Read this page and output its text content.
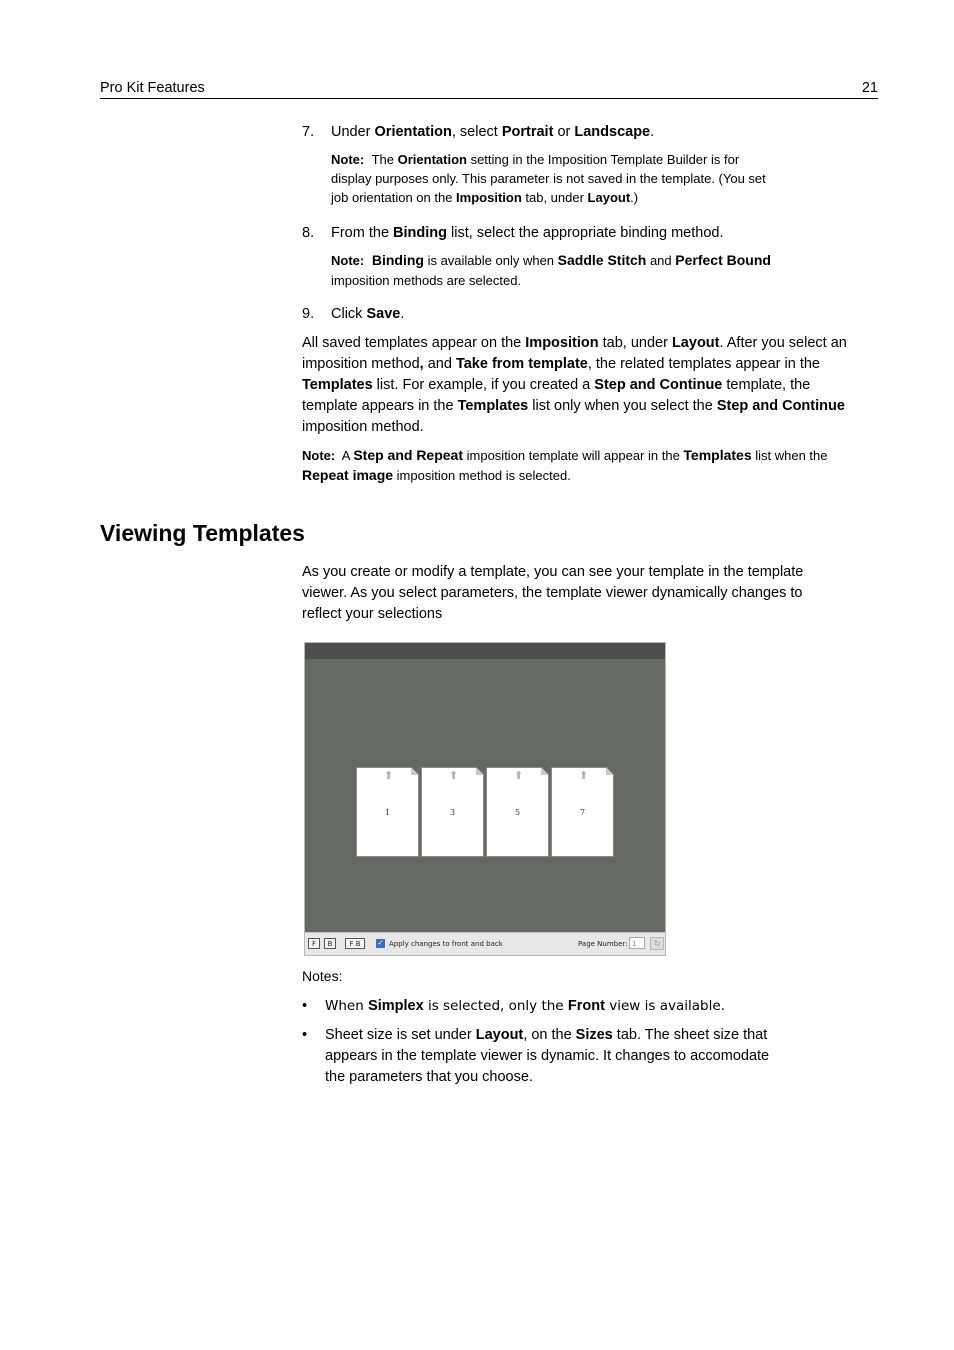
Pro Kit Features	21
7. Under Orientation, select Portrait or Landscape.
Note: The Orientation setting in the Imposition Template Builder is for
display purposes only. This parameter is not saved in the template. (You set
job orientation on the Imposition tab, under Layout.)
8. From the Binding list, select the appropriate binding method.
Note: Binding is available only when Saddle Stitch and Perfect Bound
imposition methods are selected.
9. Click Save.
All saved templates appear on the Imposition tab, under Layout. After you select an
imposition method, and Take from template, the related templates appear in the
Templates list. For example, if you created a Step and Continue template, the
template appears in the Templates list only when you select the Step and Continue
imposition method.
Note: A Step and Repeat imposition template will appear in the Templates list when the
Repeat image imposition method is selected.
Viewing Templates
As you create or modify a template, you can see your template in the template
viewer. As you select parameters, the template viewer dynamically changes to
reflect your selections
⬆
1
⬆
3
⬆
5
⬆
7
F	B	F B	✓ Apply changes to front and back	Page Number: 1	↻
Notes:
• When Simplex is selected, only the Front view is available.
• Sheet size is set under Layout, on the Sizes tab. The sheet size that
appears in the template viewer is dynamic. It changes to accomodate
the parameters that you choose.
